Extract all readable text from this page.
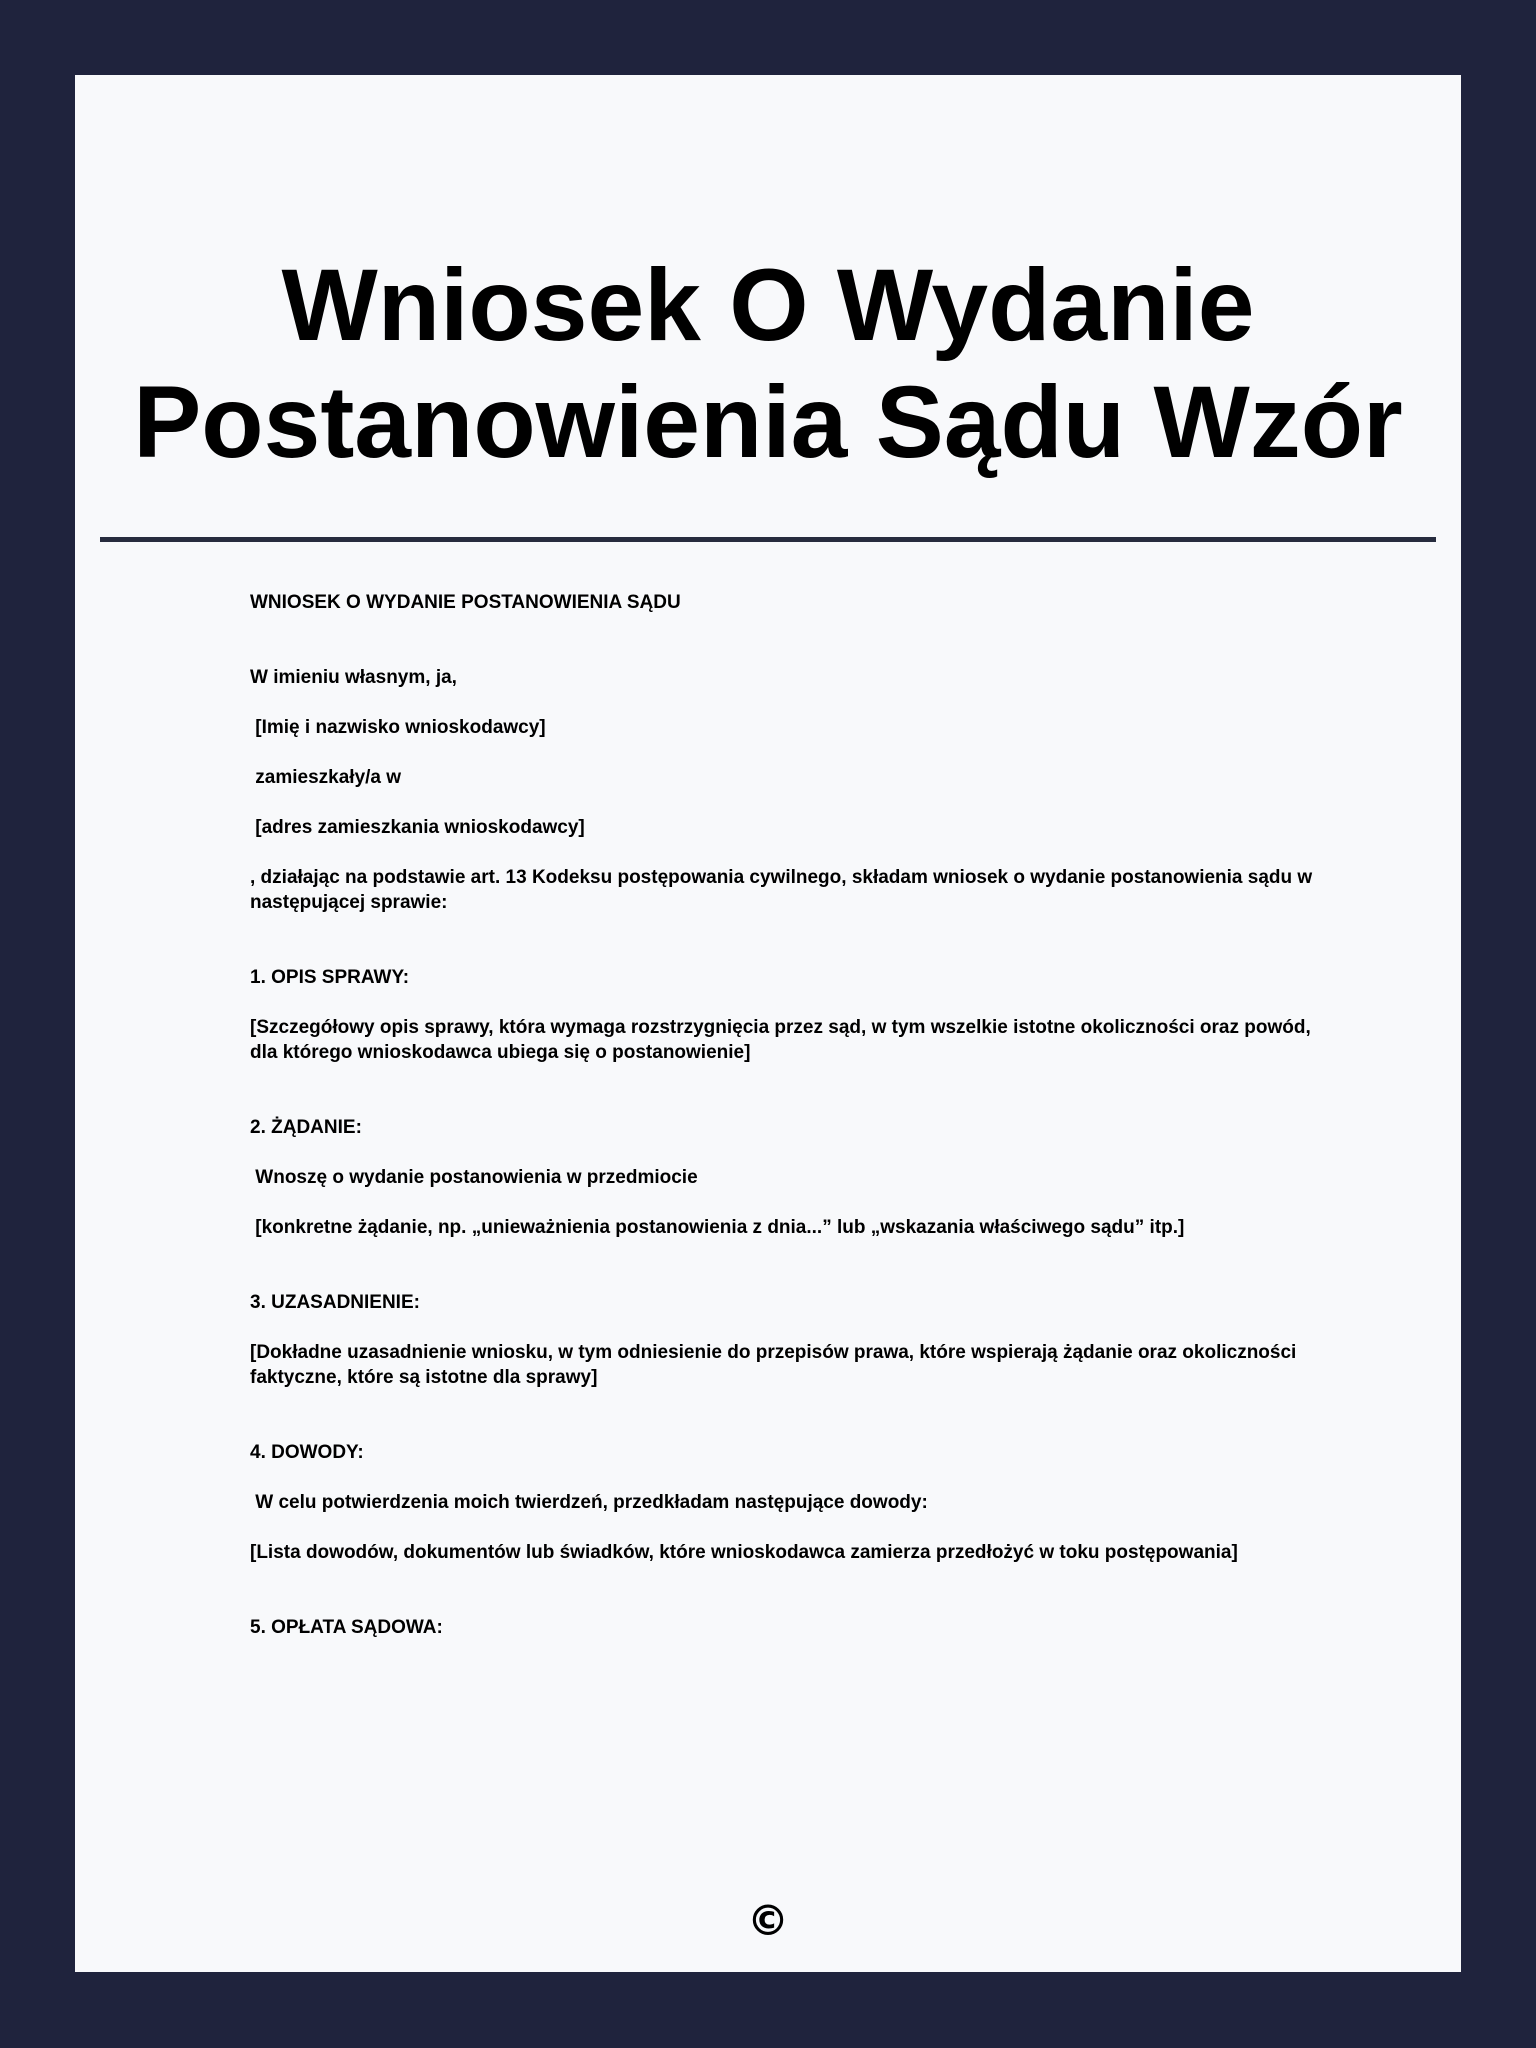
Wniosek O Wydanie Postanowienia Sądu Wzór

WNIOSEK O WYDANIE POSTANOWIENIA SĄDU

W imieniu własnym, ja,

[Imię i nazwisko wnioskodawcy]

zamieszkały/a w

[adres zamieszkania wnioskodawcy]

, działając na podstawie art. 13 Kodeksu postępowania cywilnego, składam wniosek o wydanie postanowienia sądu w następującej sprawie:

1. OPIS SPRAWY:

[Szczegółowy opis sprawy, która wymaga rozstrzygnięcia przez sąd, w tym wszelkie istotne okoliczności oraz powód, dla którego wnioskodawca ubiega się o postanowienie]

2. ŻĄDANIE:

Wnoszę o wydanie postanowienia w przedmiocie

[konkretne żądanie, np. „unieważnienia postanowienia z dnia...” lub „wskazania właściwego sądu” itp.]

3. UZASADNIENIE:

[Dokładne uzasadnienie wniosku, w tym odniesienie do przepisów prawa, które wspierają żądanie oraz okoliczności faktyczne, które są istotne dla sprawy]

4. DOWODY:

W celu potwierdzenia moich twierdzeń, przedkładam następujące dowody:

[Lista dowodów, dokumentów lub świadków, które wnioskodawca zamierza przedłożyć w toku postępowania]

5. OPŁATA SĄDOWA:

©
